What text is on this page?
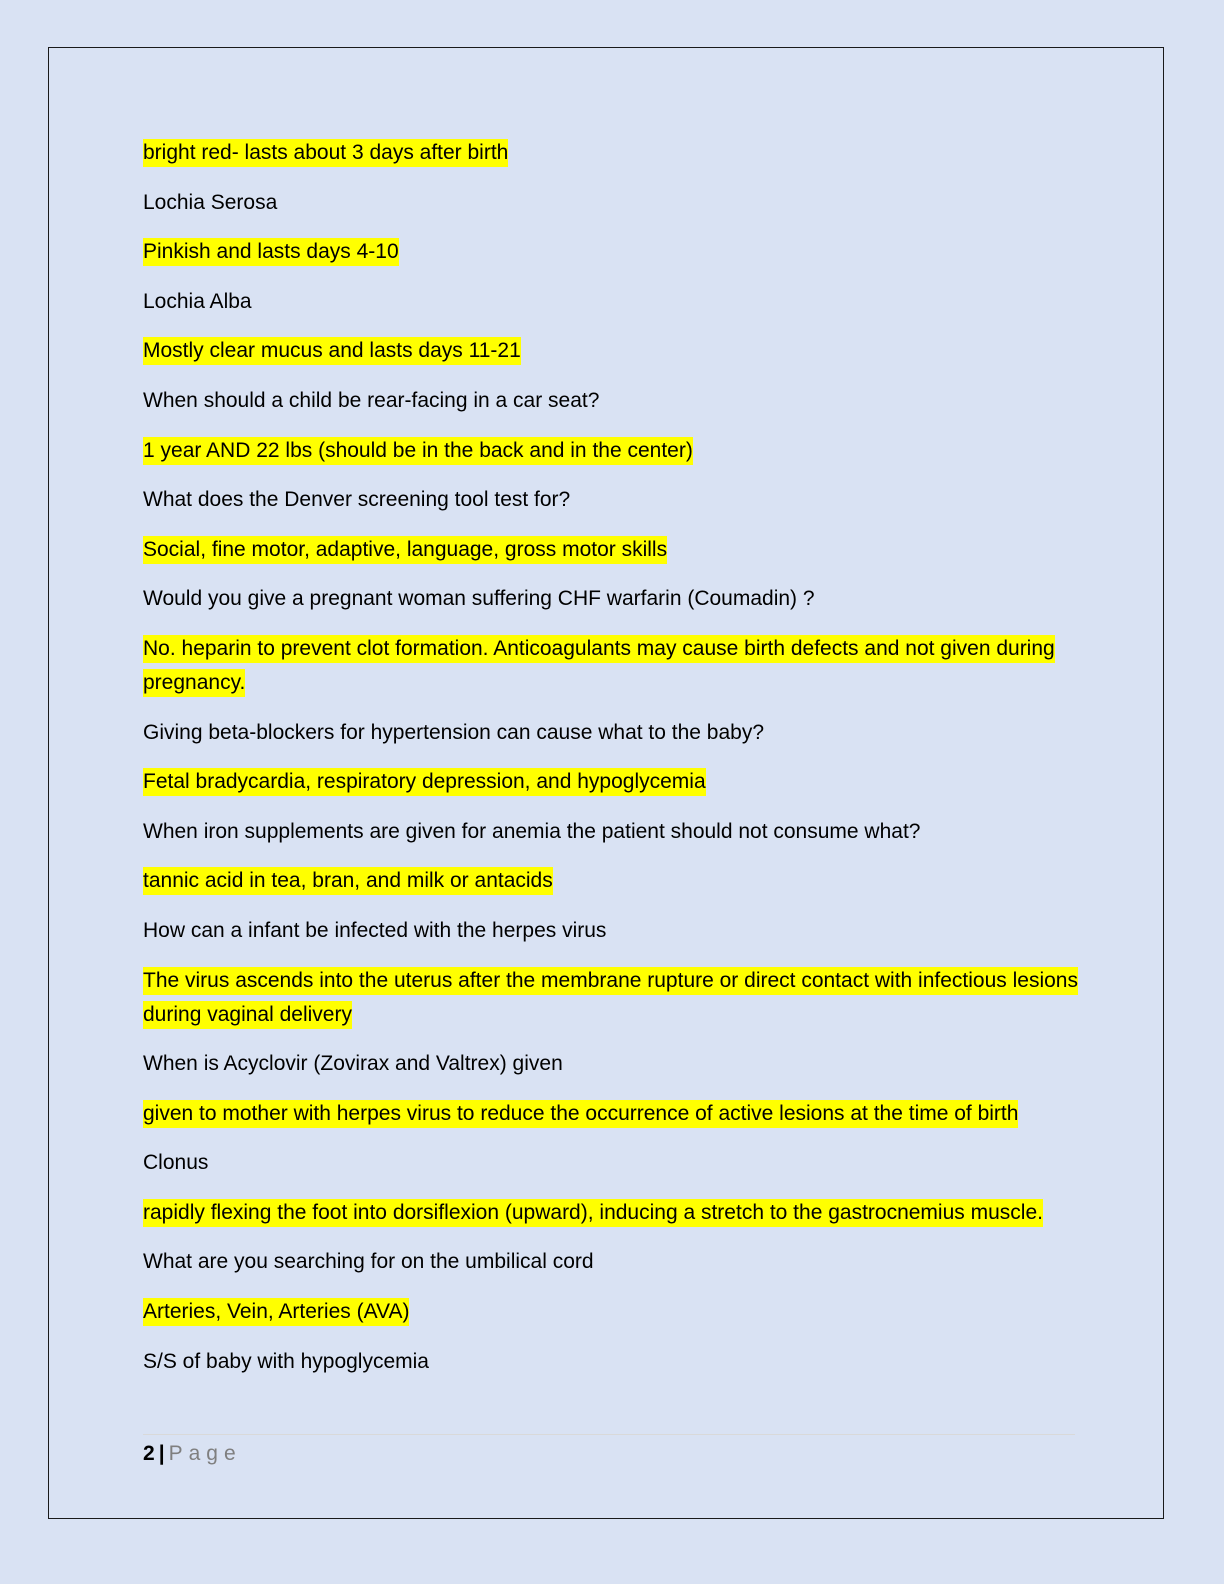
bright red- lasts about 3 days after birth

Lochia Serosa

Pinkish and lasts days 4-10

Lochia Alba

Mostly clear mucus and lasts days 11-21

When should a child be rear-facing in a car seat?

1 year AND 22 lbs (should be in the back and in the center)

What does the Denver screening tool test for?

Social, fine motor, adaptive, language, gross motor skills

Would you give a pregnant woman suffering CHF warfarin (Coumadin) ?

No. heparin to prevent clot formation. Anticoagulants may cause birth defects and not given during pregnancy.

Giving beta-blockers for hypertension can cause what to the baby?

Fetal bradycardia, respiratory depression, and hypoglycemia

When iron supplements are given for anemia the patient should not consume what?

tannic acid in tea, bran, and milk or antacids

How can a infant be infected with the herpes virus

The virus ascends into the uterus after the membrane rupture or direct contact with infectious lesions during vaginal delivery

When is Acyclovir (Zovirax and Valtrex) given

given to mother with herpes virus to reduce the occurrence of active lesions at the time of birth

Clonus

rapidly flexing the foot into dorsiflexion (upward), inducing a stretch to the gastrocnemius muscle.

What are you searching for on the umbilical cord

Arteries, Vein, Arteries (AVA)

S/S of baby with hypoglycemia

2 | Page
